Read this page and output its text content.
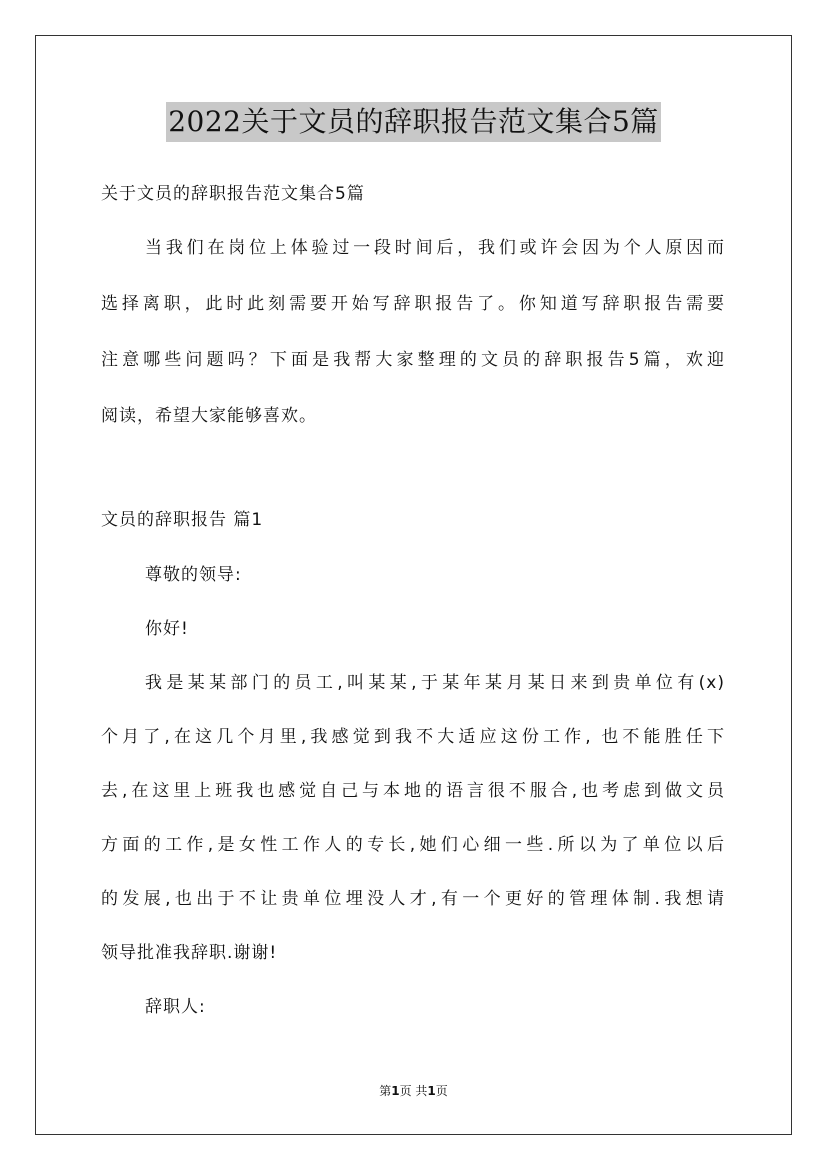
2022关于文员的辞职报告范文集合5篇
关于文员的辞职报告范文集合5篇
当我们在岗位上体验过一段时间后，我们或许会因为个人原因而
选择离职，此时此刻需要开始写辞职报告了。你知道写辞职报告需要
注意哪些问题吗？下面是我帮大家整理的文员的辞职报告5篇，欢迎
阅读，希望大家能够喜欢。
文员的辞职报告 篇1
尊敬的领导:
你好!
我是某某部门的员工,叫某某,于某年某月某日来到贵单位有(x)
个月了,在这几个月里,我感觉到我不大适应这份工作, 也不能胜任下
去,在这里上班我也感觉自己与本地的语言很不服合,也考虑到做文员
方面的工作,是女性工作人的专长,她们心细一些.所以为了单位以后
的发展,也出于不让贵单位埋没人才,有一个更好的管理体制.我想请
领导批准我辞职.谢谢!
辞职人:
第1页 共1页
